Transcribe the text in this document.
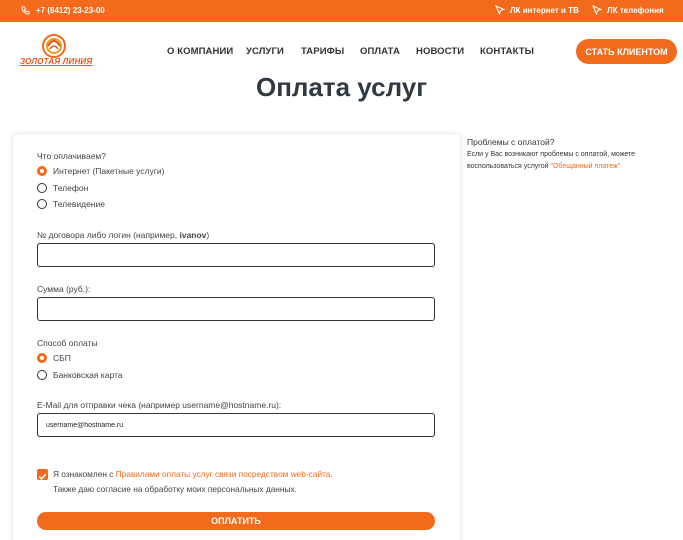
+7 (8412) 23-23-00	ЛК интернет и ТВ	ЛК телефония
ЗОЛОТАЯ ЛИНИЯ
О КОМПАНИИ УСЛУГИ ТАРИФЫ ОПЛАТА НОВОСТИ КОНТАКТЫ	СТАТЬ КЛИЕНТОМ
Оплата услуг
Что оплачиваем?
Интернет (Пакетные услуги)
Телефон
Телевидение
№ договора либо логин (например, ivanov)
Сумма (руб.):
Способ оплаты
СБП
Банковская карта
E-Mail для отправки чека (например username@hostname.ru):
username@hostname.ru
Я ознакомлен с Правилами оплаты услуг связи посредством web-сайта.
Также даю согласие на обработку моих персональных данных.
ОПЛАТИТЬ
Проблемы с оплатой?
Если у Вас возникают проблемы с оплатой, можете
воспользоваться услугой "Обещанный платеж"
